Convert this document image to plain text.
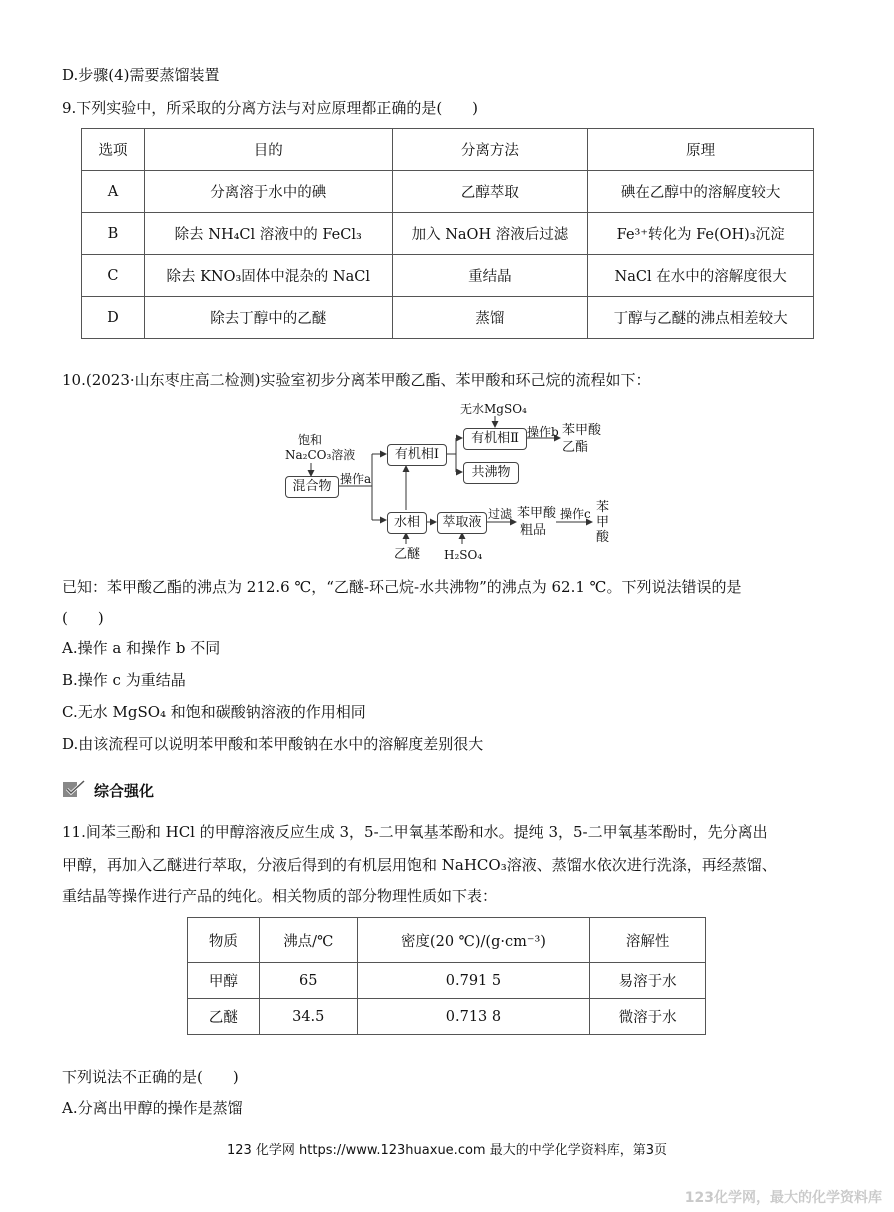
D.步骤(4)需要蒸馏装置
9.下列实验中，所采取的分离方法与对应原理都正确的是(　　)
选项	目的	分离方法	原理
A	分离溶于水中的碘	乙醇萃取	碘在乙醇中的溶解度较大
B	除去 NH₄Cl 溶液中的 FeCl₃	加入 NaOH 溶液后过滤	Fe³⁺转化为 Fe(OH)₃沉淀
C	除去 KNO₃固体中混杂的 NaCl	重结晶	NaCl 在水中的溶解度很大
D	除去丁醇中的乙醚	蒸馏	丁醇与乙醚的沸点相差较大
10.(2023·山东枣庄高二检测)实验室初步分离苯甲酸乙酯、苯甲酸和环己烷的流程如下：
饱和
Na₂CO₃溶液
混合物 操作a
有机相Ⅰ
无水MgSO₄
有机相Ⅱ 操作b 苯甲酸
乙酯
共沸物
水相
乙醚
萃取液
H₂SO₄
过滤 苯甲酸
粗品
操作c 苯甲酸
已知：苯甲酸乙酯的沸点为 212.6 ℃，“乙醚-环己烷-水共沸物”的沸点为 62.1 ℃。下列说法错误的是
(　　)
A.操作 a 和操作 b 不同
B.操作 c 为重结晶
C.无水 MgSO₄ 和饱和碳酸钠溶液的作用相同
D.由该流程可以说明苯甲酸和苯甲酸钠在水中的溶解度差别很大
综合强化
11.间苯三酚和 HCl 的甲醇溶液反应生成 3，5-二甲氧基苯酚和水。提纯 3，5-二甲氧基苯酚时，先分离出
甲醇，再加入乙醚进行萃取，分液后得到的有机层用饱和 NaHCO₃溶液、蒸馏水依次进行洗涤，再经蒸馏、
重结晶等操作进行产品的纯化。相关物质的部分物理性质如下表：
物质	沸点/℃	密度(20 ℃)/(g·cm⁻³)	溶解性
甲醇	65	0.791 5	易溶于水
乙醚	34.5	0.713 8	微溶于水
下列说法不正确的是(　　)
A.分离出甲醇的操作是蒸馏
123 化学网 https://www.123huaxue.com 最大的中学化学资料库，第3页
123化学网，最大的化学资料库
